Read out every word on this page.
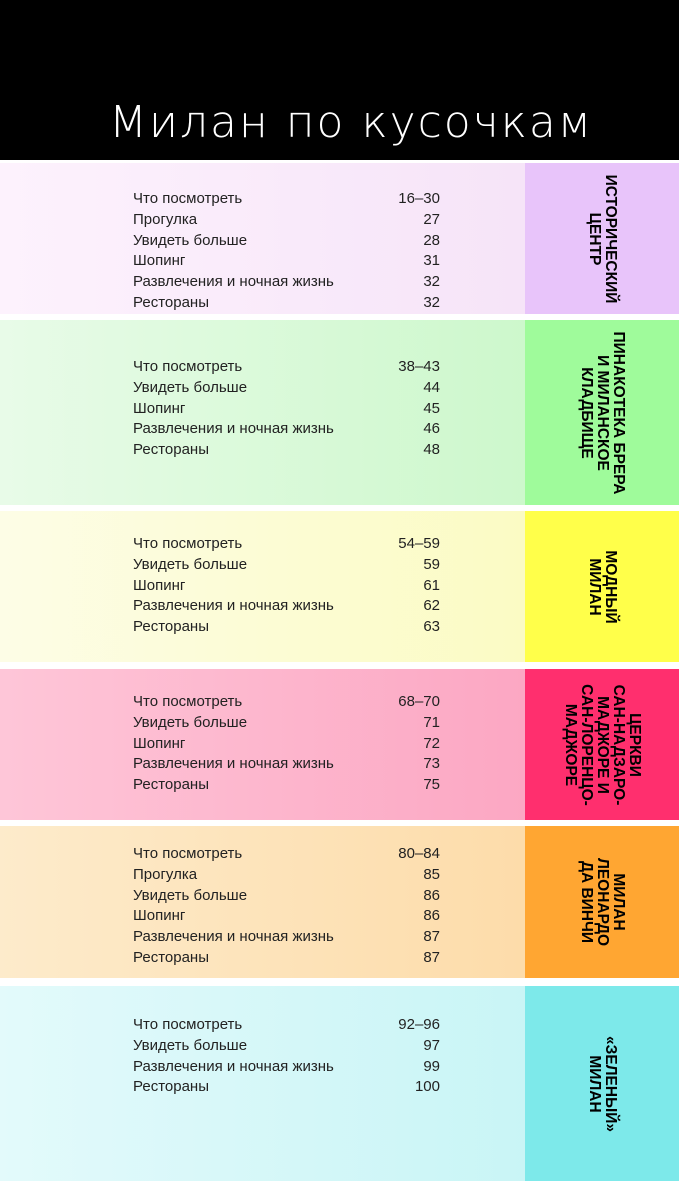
Милан по кусочкам
Что посмотреть	16–30
Прогулка	27
Увидеть больше	28
Шопинг	31
Развлечения и ночная жизнь	32
Рестораны	32	ИСТОРИЧЕСКИЙ
ЦЕНТР
Что посмотреть	38–43
Увидеть больше	44
Шопинг	45
Развлечения и ночная жизнь	46
Рестораны	48
ПИНАКОТЕКА БРЕРА
И МИЛАНСКОЕ
КЛАДБИЩЕ
Что посмотреть	54–59
Увидеть больше	59
Шопинг	61
Развлечения и ночная жизнь	62
Рестораны	63
МОДНЫЙ
МИЛАН
Что посмотреть	68–70
Увидеть больше	71
Шопинг	72
Развлечения и ночная жизнь	73
Рестораны	75
ЦЕРКВИ
САН-НАДЗАРО-
МАДЖОРЕ И
САН-ЛОРЕНЦО-
МАДЖОРЕ
Что посмотреть	80–84
Прогулка	85
Увидеть больше	86
Шопинг	86
Развлечения и ночная жизнь	87
Рестораны	87
МИЛАН
ЛЕОНАРДО
ДА ВИНЧИ
Что посмотреть	92–96
Увидеть больше	97
Развлечения и ночная жизнь	99
Рестораны	100	«ЗЕЛЕНЫЙ»
МИЛАН
